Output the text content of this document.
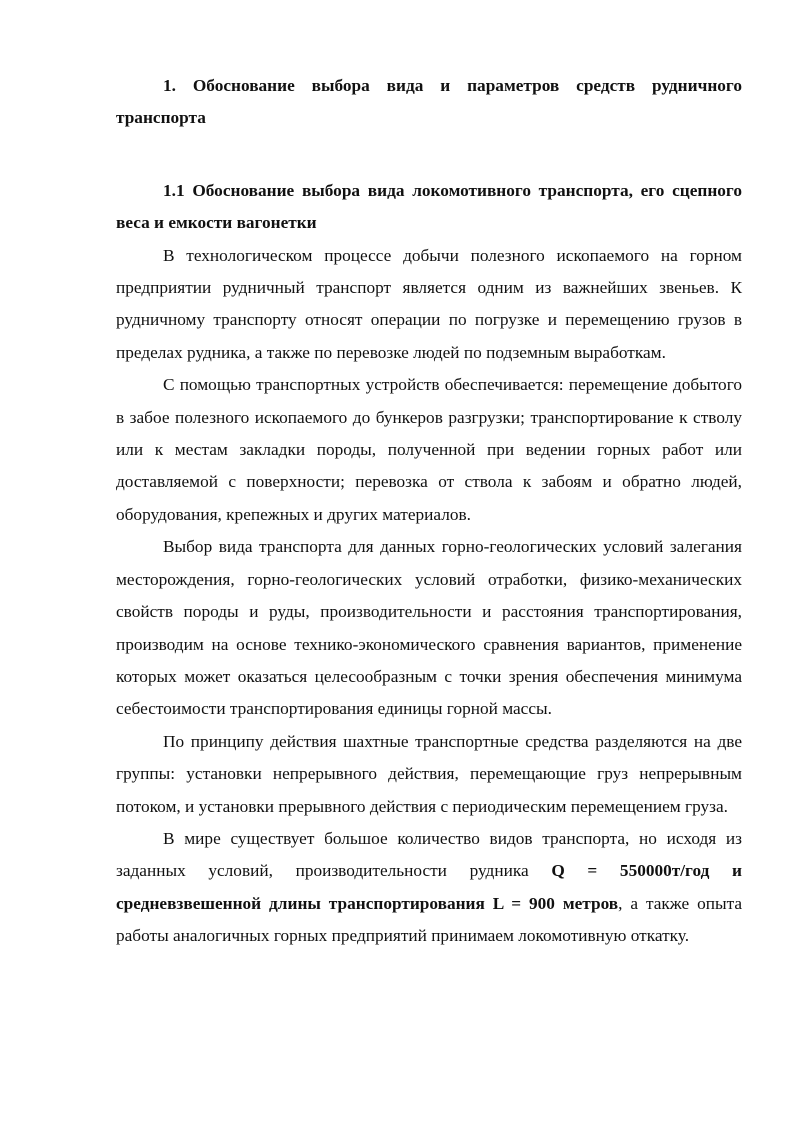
1. Обоснование выбора вида и параметров средств рудничного транспорта

1.1 Обоснование выбора вида локомотивного транспорта, его сцепного веса и емкости вагонетки

В технологическом процессе добычи полезного ископаемого на горном предприятии рудничный транспорт является одним из важнейших звеньев. К рудничному транспорту относят операции по погрузке и перемещению грузов в пределах рудника, а также по перевозке людей по подземным выработкам.

С помощью транспортных устройств обеспечивается: перемещение добытого в забое полезного ископаемого до бункеров разгрузки; транспортирование к стволу или к местам закладки породы, полученной при ведении горных работ или доставляемой с поверхности; перевозка от ствола к забоям и обратно людей, оборудования, крепежных и других материалов.

Выбор вида транспорта для данных горно-геологических условий залегания месторождения, горно-геологических условий отработки, физико-механических свойств породы и руды, производительности и расстояния транспортирования, производим на основе технико-экономического сравнения вариантов, применение которых может оказаться целесообразным с точки зрения обеспечения минимума себестоимости транспортирования единицы горной массы.

По принципу действия шахтные транспортные средства разделяются на две группы: установки непрерывного действия, перемещающие груз непрерывным потоком, и установки прерывного действия с периодическим перемещением груза.

В мире существует большое количество видов транспорта, но исходя из заданных условий, производительности рудника Q = 550000т/год и средневзвешенной длины транспортирования L = 900 метров, а также опыта работы аналогичных горных предприятий принимаем локомотивную откатку.
